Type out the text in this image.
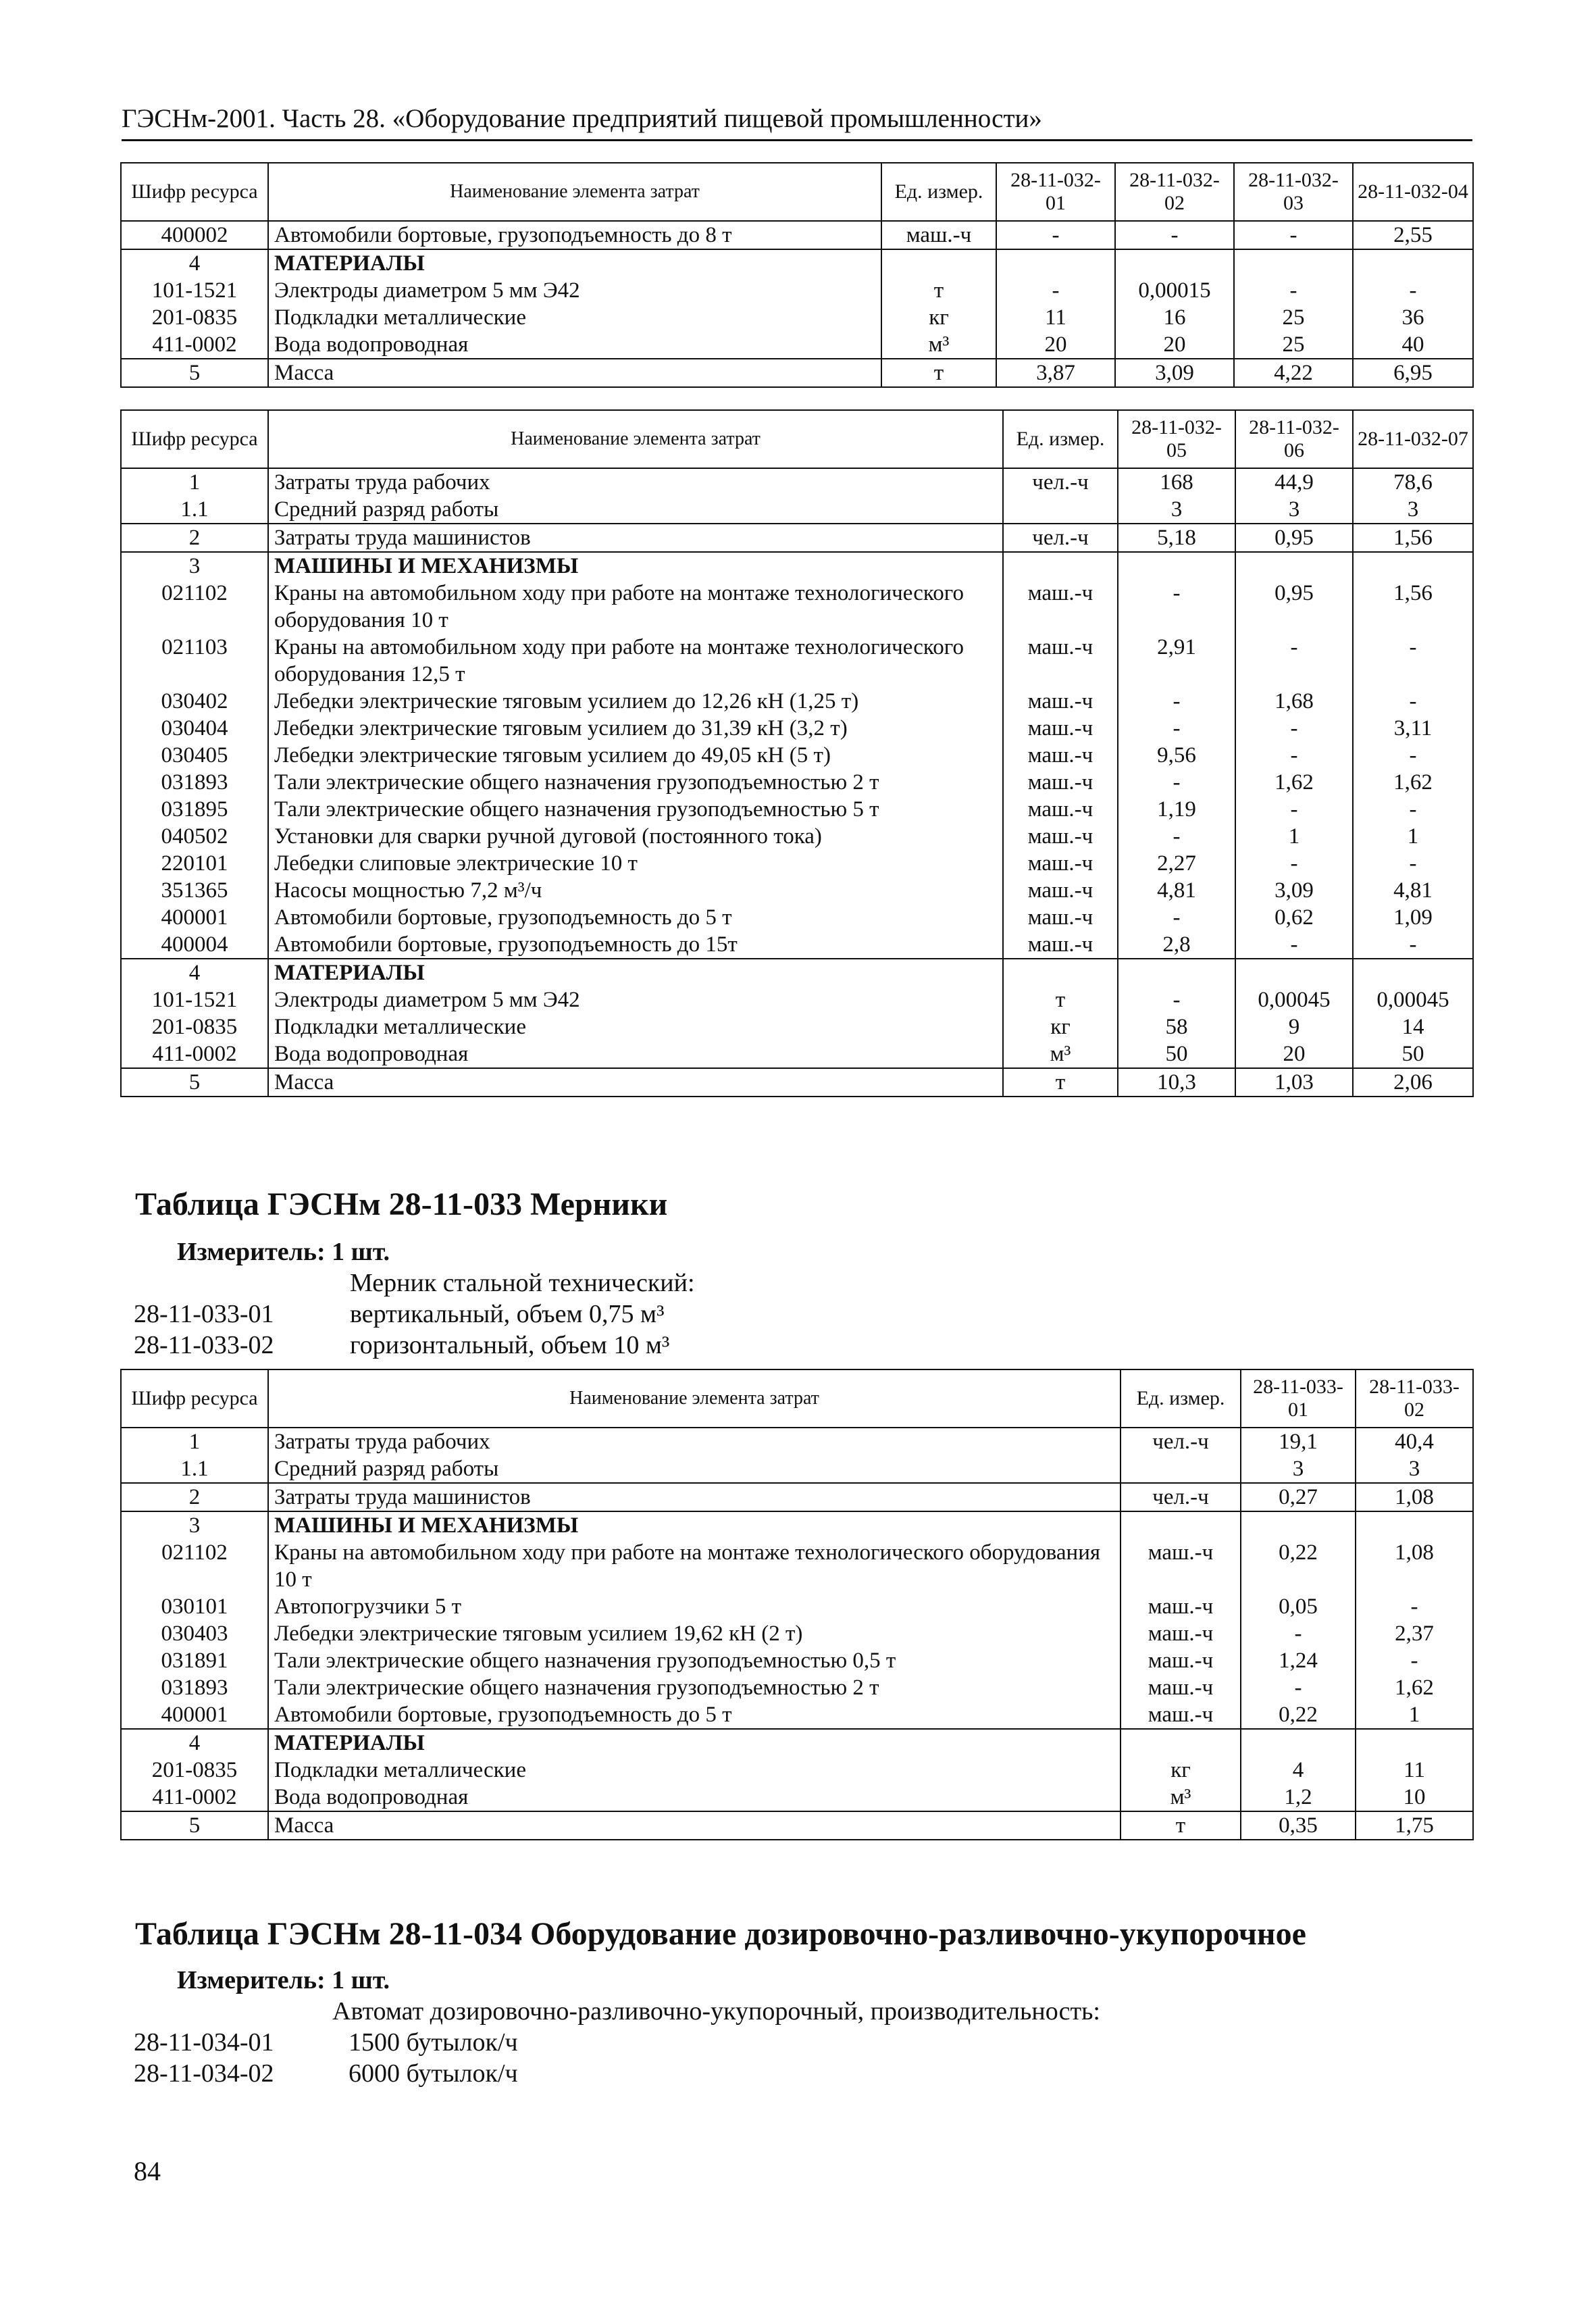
ГЭСНм-2001. Часть 28. «Оборудование предприятий пищевой промышленности»
Шифр ресурса	Наименование элемента затрат	Ед. измер.	28-11-032-01	28-11-032-02	28-11-032-03	28-11-032-04
400002	Автомобили бортовые, грузоподъемность до 8 т	маш.-ч	-	-	-	2,55
4	МАТЕРИАЛЫ					
101-1521	Электроды диаметром 5 мм Э42	т	-	0,00015	-	-
201-0835	Подкладки металлические	кг	11	16	25	36
411-0002	Вода водопроводная	м³	20	20	25	40
5	Масса	т	3,87	3,09	4,22	6,95
Шифр ресурса	Наименование элемента затрат	Ед. измер.	28-11-032-05	28-11-032-06	28-11-032-07
1	Затраты труда рабочих	чел.-ч	168	44,9	78,6
1.1	Средний разряд работы		3	3	3
2	Затраты труда машинистов	чел.-ч	5,18	0,95	1,56
3	МАШИНЫ И МЕХАНИЗМЫ				
021102	Краны на автомобильном ходу при работе на монтаже технологического оборудования 10 т	маш.-ч	-	0,95	1,56
021103	Краны на автомобильном ходу при работе на монтаже технологического оборудования 12,5 т	маш.-ч	2,91	-	-
030402	Лебедки электрические тяговым усилием до 12,26 кН (1,25 т)	маш.-ч	-	1,68	-
030404	Лебедки электрические тяговым усилием до 31,39 кН (3,2 т)	маш.-ч	-	-	3,11
030405	Лебедки электрические тяговым усилием до 49,05 кН (5 т)	маш.-ч	9,56	-	-
031893	Тали электрические общего назначения грузоподъемностью 2 т	маш.-ч	-	1,62	1,62
031895	Тали электрические общего назначения грузоподъемностью 5 т	маш.-ч	1,19	-	-
040502	Установки для сварки ручной дуговой (постоянного тока)	маш.-ч	-	1	1
220101	Лебедки слиповые электрические 10 т	маш.-ч	2,27	-	-
351365	Насосы мощностью 7,2 м³/ч	маш.-ч	4,81	3,09	4,81
400001	Автомобили бортовые, грузоподъемность до 5 т	маш.-ч	-	0,62	1,09
400004	Автомобили бортовые, грузоподъемность до 15т	маш.-ч	2,8	-	-
4	МАТЕРИАЛЫ				
101-1521	Электроды диаметром 5 мм Э42	т	-	0,00045	0,00045
201-0835	Подкладки металлические	кг	58	9	14
411-0002	Вода водопроводная	м³	50	20	50
5	Масса	т	10,3	1,03	2,06
Таблица ГЭСНм 28-11-033 Мерники
Измеритель: 1 шт.
Мерник стальной технический:
28-11-033-01	вертикальный, объем 0,75 м³
28-11-033-02	горизонтальный, объем 10 м³
Шифр ресурса	Наименование элемента затрат	Ед. измер.	28-11-033-01	28-11-033-02
1	Затраты труда рабочих	чел.-ч	19,1	40,4
1.1	Средний разряд работы		3	3
2	Затраты труда машинистов	чел.-ч	0,27	1,08
3	МАШИНЫ И МЕХАНИЗМЫ			
021102	Краны на автомобильном ходу при работе на монтаже технологического оборудования 10 т	маш.-ч	0,22	1,08
030101	Автопогрузчики 5 т	маш.-ч	0,05	-
030403	Лебедки электрические тяговым усилием 19,62 кН (2 т)	маш.-ч	-	2,37
031891	Тали электрические общего назначения грузоподъемностью 0,5 т	маш.-ч	1,24	-
031893	Тали электрические общего назначения грузоподъемностью 2 т	маш.-ч	-	1,62
400001	Автомобили бортовые, грузоподъемность до 5 т	маш.-ч	0,22	1
4	МАТЕРИАЛЫ			
201-0835	Подкладки металлические	кг	4	11
411-0002	Вода водопроводная	м³	1,2	10
5	Масса	т	0,35	1,75
Таблица ГЭСНм 28-11-034 Оборудование дозировочно-разливочно-укупорочное
Измеритель: 1 шт.
Автомат дозировочно-разливочно-укупорочный, производительность:
28-11-034-01	1500 бутылок/ч
28-11-034-02	6000 бутылок/ч
84
